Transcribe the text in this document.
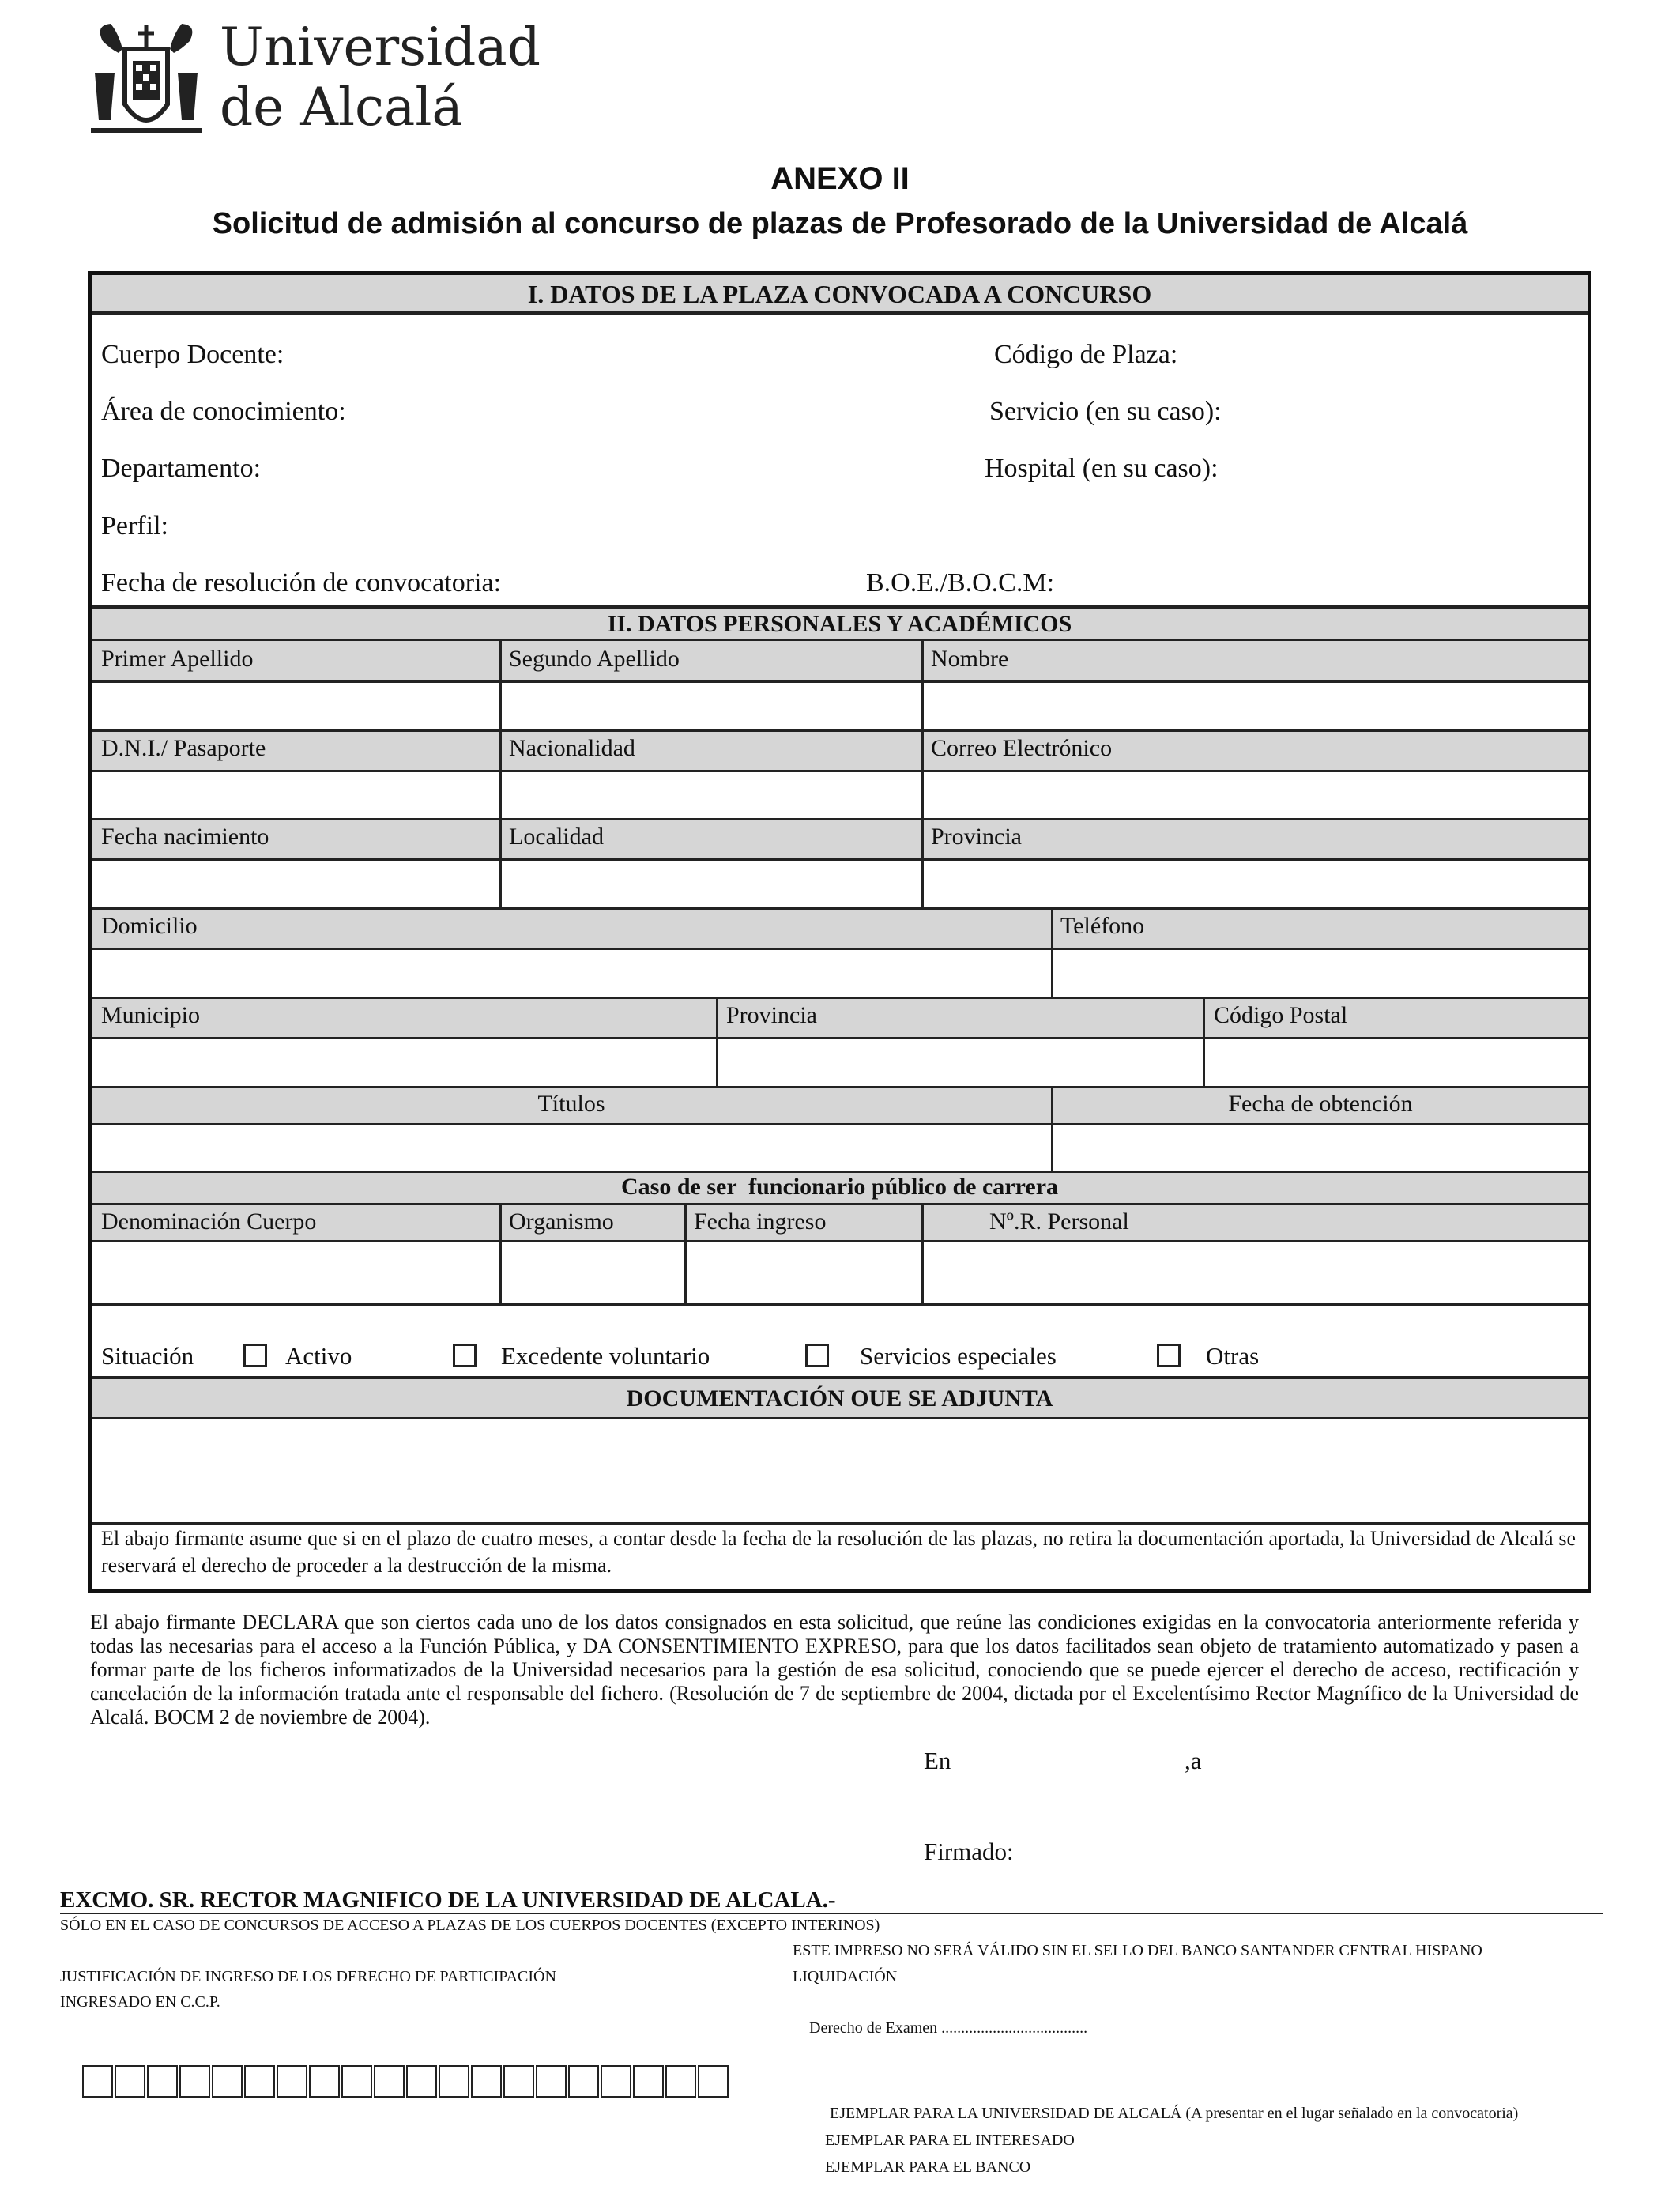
Universidad
de Alcalá
ANEXO II
Solicitud de admisión al concurso de plazas de Profesorado de la Universidad de Alcalá
I. DATOS DE LA PLAZA CONVOCADA A CONCURSO
Cuerpo Docente:	Código de Plaza:
Área de conocimiento:	Servicio (en su caso):
Departamento:	Hospital (en su caso):
Perfil:
Fecha de resolución de convocatoria:	B.O.E./B.O.C.M:
II. DATOS PERSONALES Y ACADÉMICOS
Primer Apellido	Segundo Apellido	Nombre
D.N.I./ Pasaporte	Nacionalidad	Correo Electrónico
Fecha nacimiento	Localidad	Provincia
Domicilio	Teléfono
Municipio	Provincia	Código Postal
Títulos	Fecha de obtención
Caso de ser  funcionario público de carrera
Denominación Cuerpo	Organismo	Fecha ingreso	Nº.R. Personal
Situación	Activo	Excedente voluntario	Servicios especiales	Otras
DOCUMENTACIÓN OUE SE ADJUNTA
El abajo firmante asume que si en el plazo de cuatro meses, a contar desde la fecha de la resolución de las plazas, no retira la documentación aportada, la Universidad de Alcalá se reservará el derecho de proceder a la destrucción de la misma.
El abajo firmante DECLARA que son ciertos cada uno de los datos consignados en esta solicitud, que reúne las condiciones exigidas en la convocatoria anteriormente referida y todas las necesarias para el acceso a la Función Pública, y DA CONSENTIMIENTO EXPRESO, para que los datos facilitados sean objeto de tratamiento automatizado y pasen a formar parte de los ficheros informatizados de la Universidad necesarios para la gestión de esa solicitud, conociendo que se puede ejercer el derecho de acceso, rectificación y cancelación de la información tratada ante el responsable del fichero. (Resolución de 7 de septiembre de 2004, dictada por el Excelentísimo Rector Magnífico de la Universidad de Alcalá. BOCM 2 de noviembre de 2004).
En	,a
Firmado:
EXCMO. SR. RECTOR MAGNIFICO DE LA UNIVERSIDAD DE ALCALA.-
SÓLO EN EL CASO DE CONCURSOS DE ACCESO A PLAZAS DE LOS CUERPOS DOCENTES (EXCEPTO INTERINOS)
ESTE IMPRESO NO SERÁ VÁLIDO SIN EL SELLO DEL BANCO SANTANDER CENTRAL HISPANO
JUSTIFICACIÓN DE INGRESO DE LOS DERECHO DE PARTICIPACIÓN	LIQUIDACIÓN
INGRESADO EN C.C.P.
Derecho de Examen .....................................
EJEMPLAR PARA LA UNIVERSIDAD DE ALCALÁ (A presentar en el lugar señalado en la convocatoria)
EJEMPLAR PARA EL INTERESADO
EJEMPLAR PARA EL BANCO
